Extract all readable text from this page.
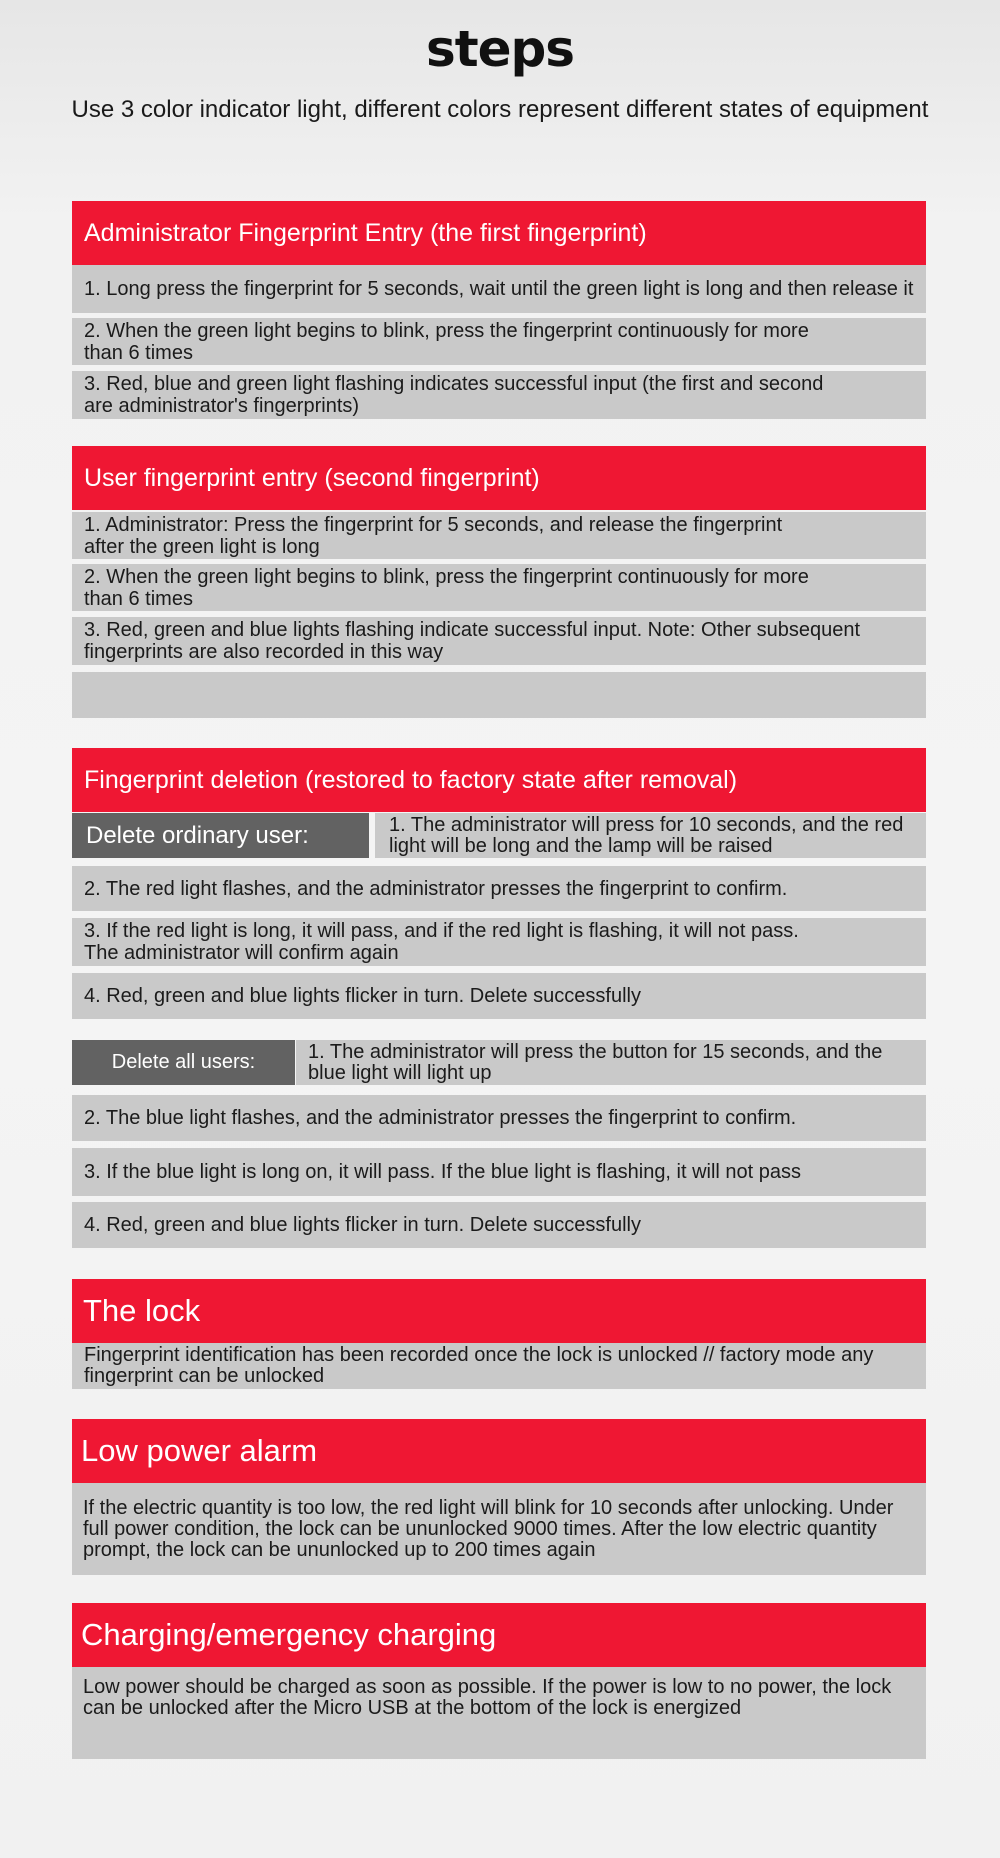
steps
Use 3 color indicator light, different colors represent different states of equipment
Administrator Fingerprint Entry (the first fingerprint)
1. Long press the fingerprint for 5 seconds, wait until the green light is long and then release it
2. When the green light begins to blink, press the fingerprint continuously for more than 6 times
3. Red, blue and green light flashing indicates successful input (the first and second are administrator's fingerprints)
User fingerprint entry (second fingerprint)
1. Administrator: Press the fingerprint for 5 seconds, and release the fingerprint after the green light is long
2. When the green light begins to blink, press the fingerprint continuously for more than 6 times
3. Red, green and blue lights flashing indicate successful input. Note: Other subsequent fingerprints are also recorded in this way
Fingerprint deletion (restored to factory state after removal)
Delete ordinary user:	1. The administrator will press for 10 seconds, and the red light will be long and the lamp will be raised
2. The red light flashes, and the administrator presses the fingerprint to confirm.
3. If the red light is long, it will pass, and if the red light is flashing, it will not pass. The administrator will confirm again
4. Red, green and blue lights flicker in turn. Delete successfully
Delete all users:	1. The administrator will press the button for 15 seconds, and the blue light will light up
2. The blue light flashes, and the administrator presses the fingerprint to confirm.
3. If the blue light is long on, it will pass. If the blue light is flashing, it will not pass
4. Red, green and blue lights flicker in turn. Delete successfully
The lock
Fingerprint identification has been recorded once the lock is unlocked // factory mode any fingerprint can be unlocked
Low power alarm
If the electric quantity is too low, the red light will blink for 10 seconds after unlocking. Under full power condition, the lock can be ununlocked 9000 times. After the low electric quantity prompt, the lock can be ununlocked up to 200 times again
Charging/emergency charging
Low power should be charged as soon as possible. If the power is low to no power, the lock can be unlocked after the Micro USB at the bottom of the lock is energized
